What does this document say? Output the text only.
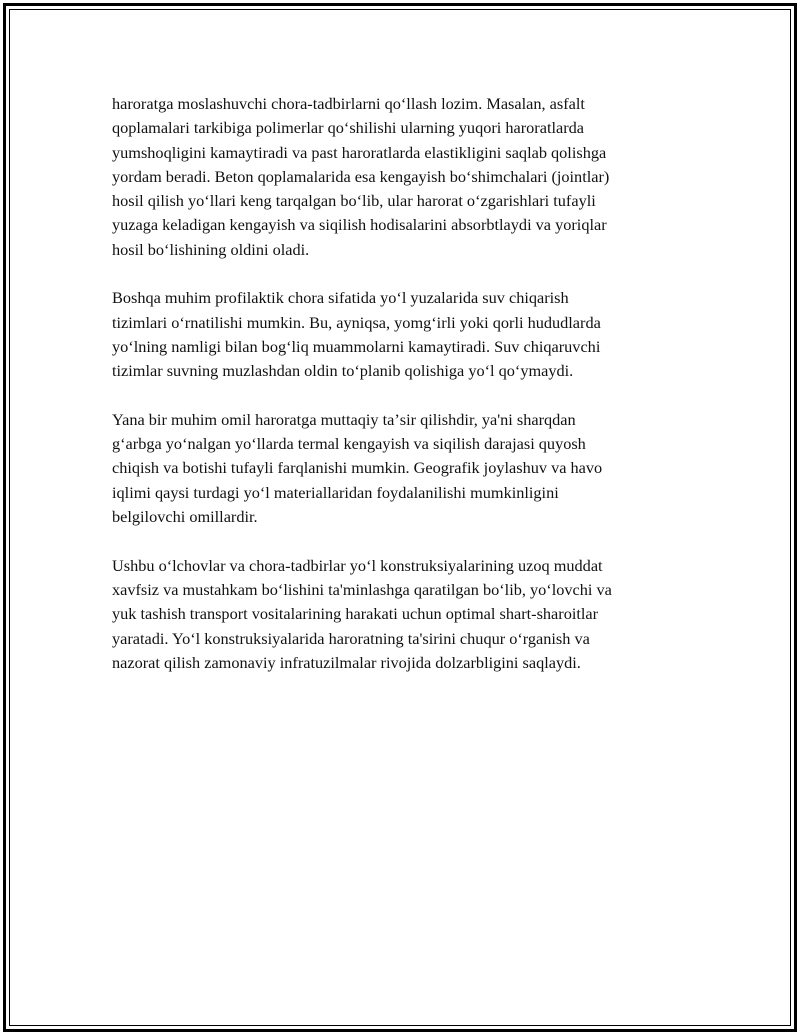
haroratga moslashuvchi chora-tadbirlarni qoʻllash lozim. Masalan, asfalt
qoplamalari tarkibiga polimerlar qoʻshilishi ularning yuqori haroratlarda
yumshoqligini kamaytiradi va past haroratlarda elastikligini saqlab qolishga
yordam beradi. Beton qoplamalarida esa kengayish boʻshimchalari (jointlar)
hosil qilish yoʻllari keng tarqalgan boʻlib, ular harorat oʻzgarishlari tufayli
yuzaga keladigan kengayish va siqilish hodisalarini absorbtlaydi va yoriqlar
hosil boʻlishining oldini oladi.

Boshqa muhim profilaktik chora sifatida yoʻl yuzalarida suv chiqarish
tizimlari oʻrnatilishi mumkin. Bu, ayniqsa, yomgʻirli yoki qorli hududlarda
yoʻlning namligi bilan bogʻliq muammolarni kamaytiradi. Suv chiqaruvchi
tizimlar suvning muzlashdan oldin toʻplanib qolishiga yoʻl qoʻymaydi.

Yana bir muhim omil haroratga muttaqiy taʼsir qilishdir, ya'ni sharqdan
gʻarbga yoʻnalgan yoʻllarda termal kengayish va siqilish darajasi quyosh
chiqish va botishi tufayli farqlanishi mumkin. Geografik joylashuv va havo
iqlimi qaysi turdagi yoʻl materiallaridan foydalanilishi mumkinligini
belgilovchi omillardir.

Ushbu oʻlchovlar va chora-tadbirlar yoʻl konstruksiyalarining uzoq muddat
xavfsiz va mustahkam boʻlishini ta'minlashga qaratilgan boʻlib, yoʻlovchi va
yuk tashish transport vositalarining harakati uchun optimal shart-sharoitlar
yaratadi. Yoʻl konstruksiyalarida haroratning ta'sirini chuqur oʻrganish va
nazorat qilish zamonaviy infratuzilmalar rivojida dolzarbligini saqlaydi.
